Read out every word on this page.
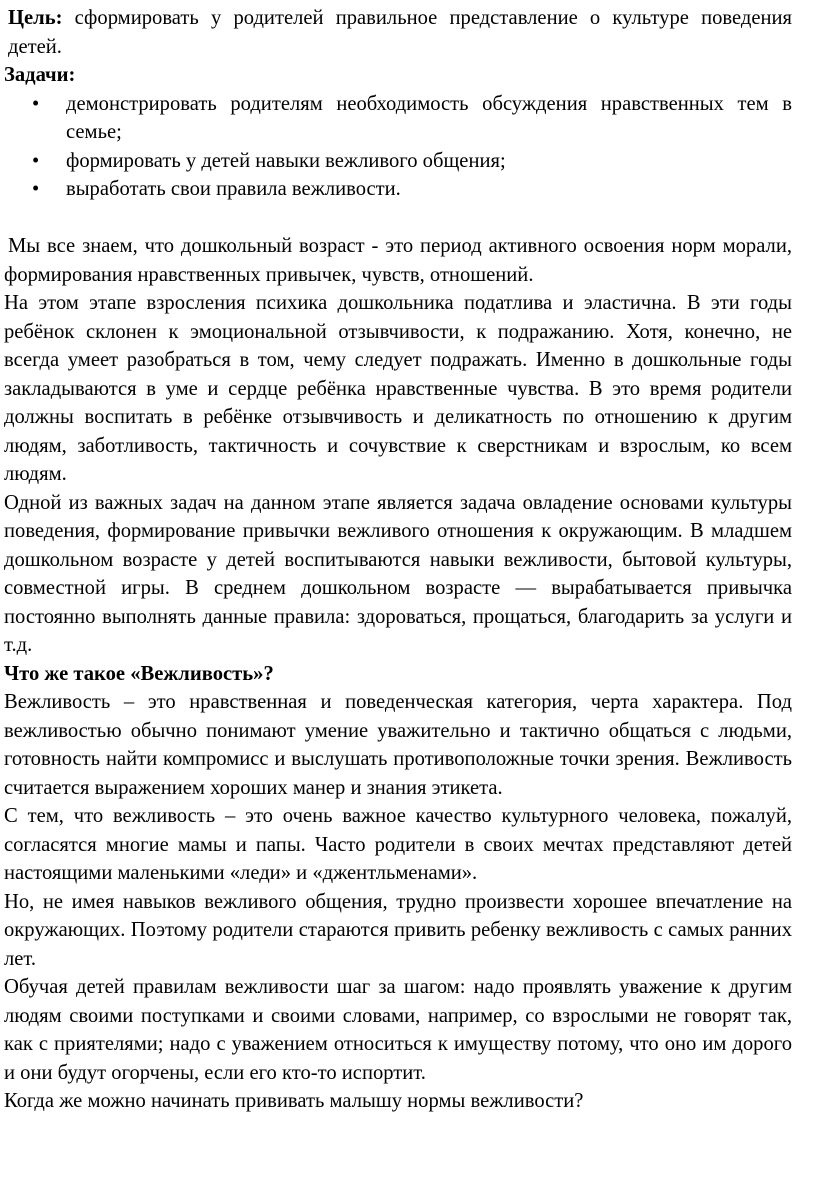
Цель: сформировать у родителей правильное представление о культуре поведения детей.

Задачи:

• демонстрировать родителям необходимость обсуждения нравственных тем в семье;
• формировать у детей навыки вежливого общения;
• выработать свои правила вежливости.

Мы все знаем, что дошкольный возраст - это период активного освоения норм морали, формирования нравственных привычек, чувств, отношений.

На этом этапе взросления психика дошкольника податлива и эластична. В эти годы ребёнок склонен к эмоциональной отзывчивости, к подражанию. Хотя, конечно, не всегда умеет разобраться в том, чему следует подражать. Именно в дошкольные годы закладываются в уме и сердце ребёнка нравственные чувства. В это время родители должны воспитать в ребёнке отзывчивость и деликатность по отношению к другим людям, заботливость, тактичность и сочувствие к сверстникам и взрослым, ко всем людям.

Одной из важных задач на данном этапе является задача овладение основами культуры поведения, формирование привычки вежливого отношения к окружающим. В младшем дошкольном возрасте у детей воспитываются навыки вежливости, бытовой культуры, совместной игры. В среднем дошкольном возрасте — вырабатывается привычка постоянно выполнять данные правила: здороваться, прощаться, благодарить за услуги и т.д.

Что же такое «Вежливость»?

Вежливость – это нравственная и поведенческая категория, черта характера. Под вежливостью обычно понимают умение уважительно и тактично общаться с людьми, готовность найти компромисс и выслушать противоположные точки зрения. Вежливость считается выражением хороших манер и знания этикета.

С тем, что вежливость – это очень важное качество культурного человека, пожалуй, согласятся многие мамы и папы. Часто родители в своих мечтах представляют детей настоящими маленькими «леди» и «джентльменами».

Но, не имея навыков вежливого общения, трудно произвести хорошее впечатление на окружающих. Поэтому родители стараются привить ребенку вежливость с самых ранних лет.

Обучая детей правилам вежливости шаг за шагом: надо проявлять уважение к другим людям своими поступками и своими словами, например, со взрослыми не говорят так, как с приятелями; надо с уважением относиться к имуществу потому, что оно им дорого и они будут огорчены, если его кто-то испортит.

Когда же можно начинать прививать малышу нормы вежливости?
